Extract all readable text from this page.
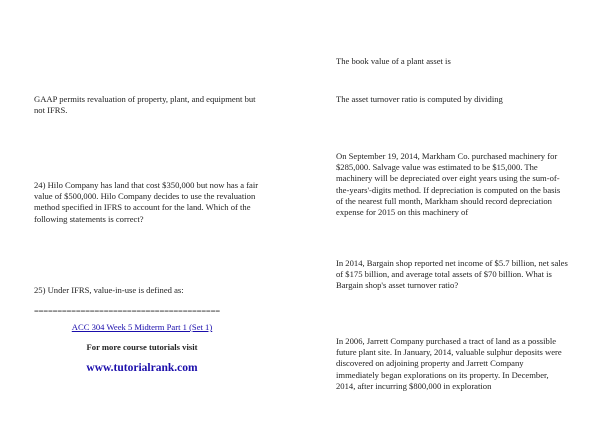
The book value of a plant asset is

GAAP permits revaluation of property, plant, and equipment but not IFRS.

The asset turnover ratio is computed by dividing

On September 19, 2014, Markham Co. purchased machinery for $285,000. Salvage value was estimated to be $15,000. The machinery will be depreciated over eight years using the sum-of-the-years'-digits method. If depreciation is computed on the basis of the nearest full month, Markham should record depreciation expense for 2015 on this machinery of

24) Hilo Company has land that cost $350,000 but now has a fair value of $500,000. Hilo Company decides to use the revaluation method specified in IFRS to account for the land. Which of the following statements is correct?

In 2014, Bargain shop reported net income of $5.7 billion, net sales of $175 billion, and average total assets of $70 billion. What is Bargain shop's asset turnover ratio?

25) Under IFRS, value-in-use is defined as:

========================================

ACC 304 Week 5 Midterm Part 1 (Set 1)

For more course tutorials visit

www.tutorialrank.com

In 2006, Jarrett Company purchased a tract of land as a possible future plant site. In January, 2014, valuable sulphur deposits were discovered on adjoining property and Jarrett Company immediately began explorations on its property. In December, 2014, after incurring $800,000 in exploration
